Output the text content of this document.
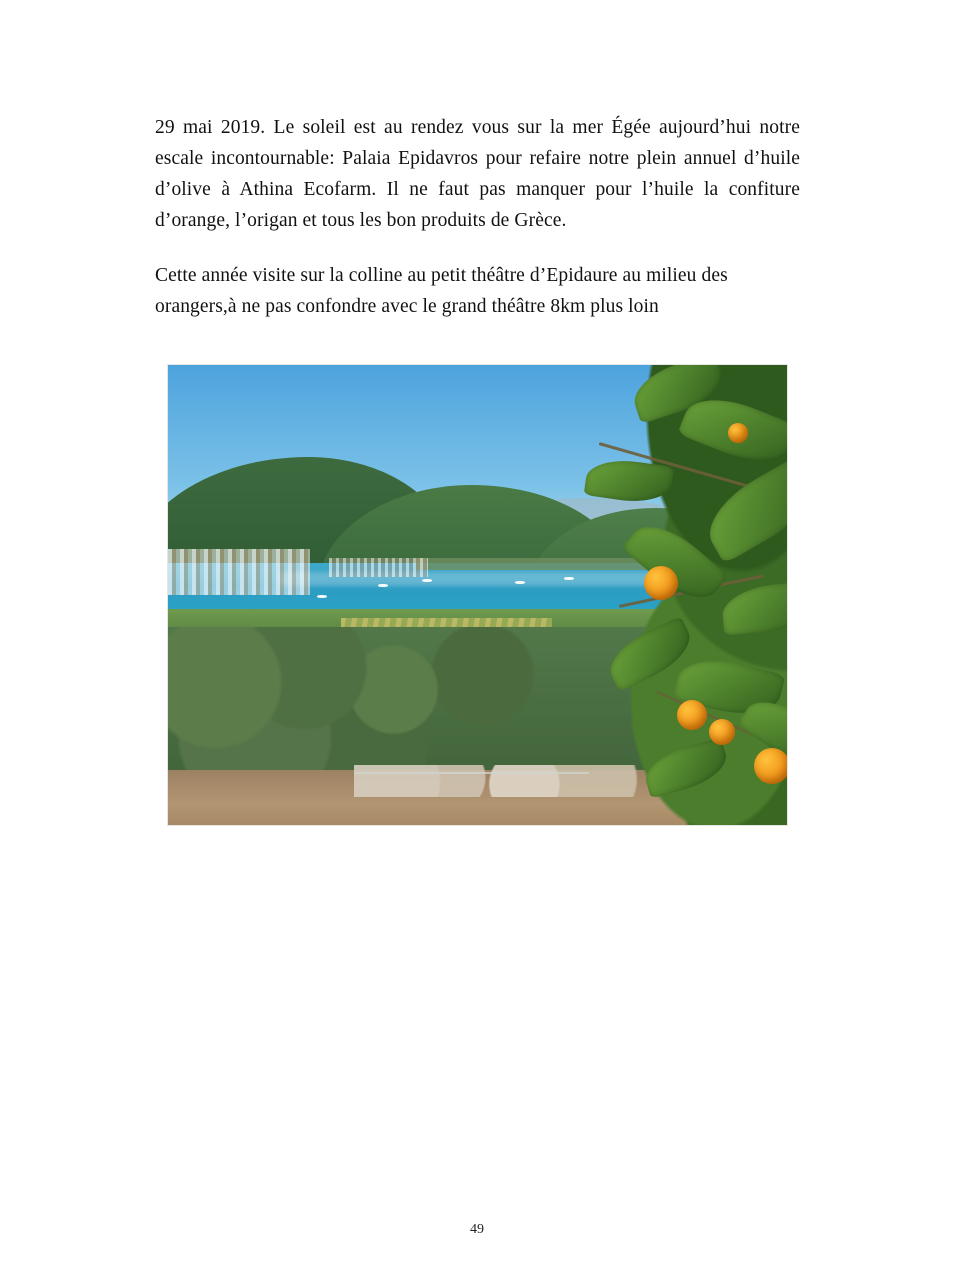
29 mai 2019. Le soleil est au rendez vous sur la mer Égée aujourd’hui notre escale incontournable: Palaia Epidavros pour refaire notre plein annuel d’huile d’olive à Athina Ecofarm. Il ne faut pas manquer pour l’huile la confiture d’orange, l’origan et tous les bon produits de Grèce.

Cette année visite sur la colline au petit théâtre d’Epidaure au milieu des orangers,à ne pas confondre avec le grand théâtre 8km plus loin

49
